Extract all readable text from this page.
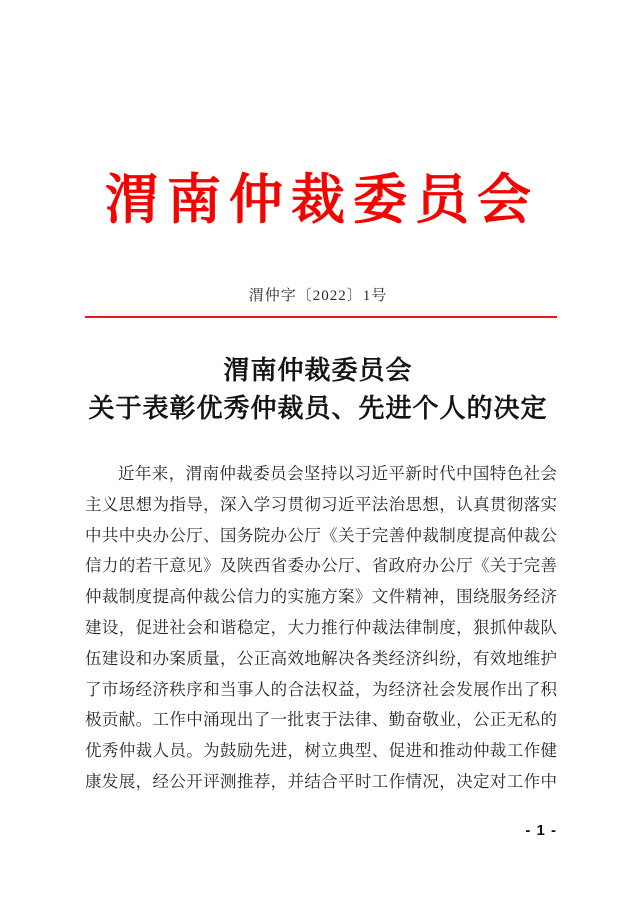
渭南仲裁委员会
渭仲字〔2022〕1号
渭南仲裁委员会
关于表彰优秀仲裁员、先进个人的决定
近年来，渭南仲裁委员会坚持以习近平新时代中国特色社会
主义思想为指导，深入学习贯彻习近平法治思想，认真贯彻落实
中共中央办公厅、国务院办公厅《关于完善仲裁制度提高仲裁公
信力的若干意见》及陕西省委办公厅、省政府办公厅《关于完善
仲裁制度提高仲裁公信力的实施方案》文件精神，围绕服务经济
建设，促进社会和谐稳定，大力推行仲裁法律制度，狠抓仲裁队
伍建设和办案质量，公正高效地解决各类经济纠纷，有效地维护
了市场经济秩序和当事人的合法权益，为经济社会发展作出了积
极贡献。工作中涌现出了一批衷于法律、勤奋敬业，公正无私的
优秀仲裁人员。为鼓励先进，树立典型、促进和推动仲裁工作健
康发展，经公开评测推荐，并结合平时工作情况，决定对工作中
- 1 -
